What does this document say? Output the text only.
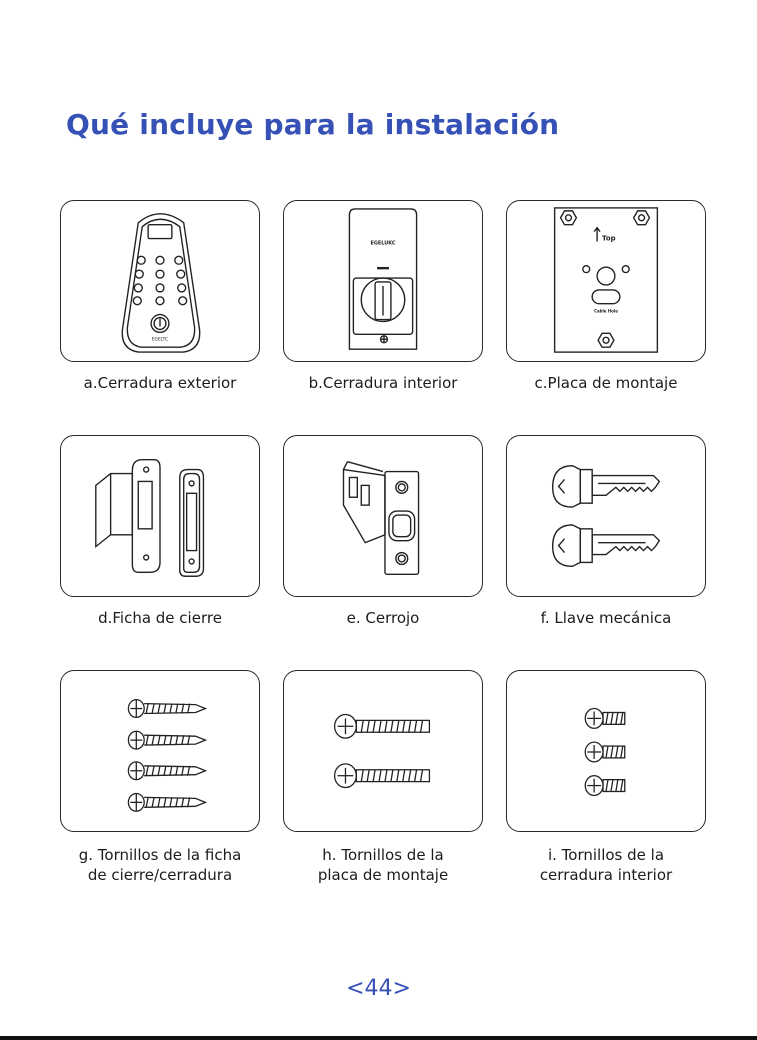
Qué incluye para la instalación
EGELTC
a.Cerradura exterior
EGELUKC
b.Cerradura interior
Top
Cable Hole
c.Placa de montaje
d.Ficha de cierre	e. Cerrojo	f. Llave mecánica
g. Tornillos de la ficha
de cierre/cerradura
h. Tornillos de la
placa de montaje
i. Tornillos de la
cerradura interior
<44>
